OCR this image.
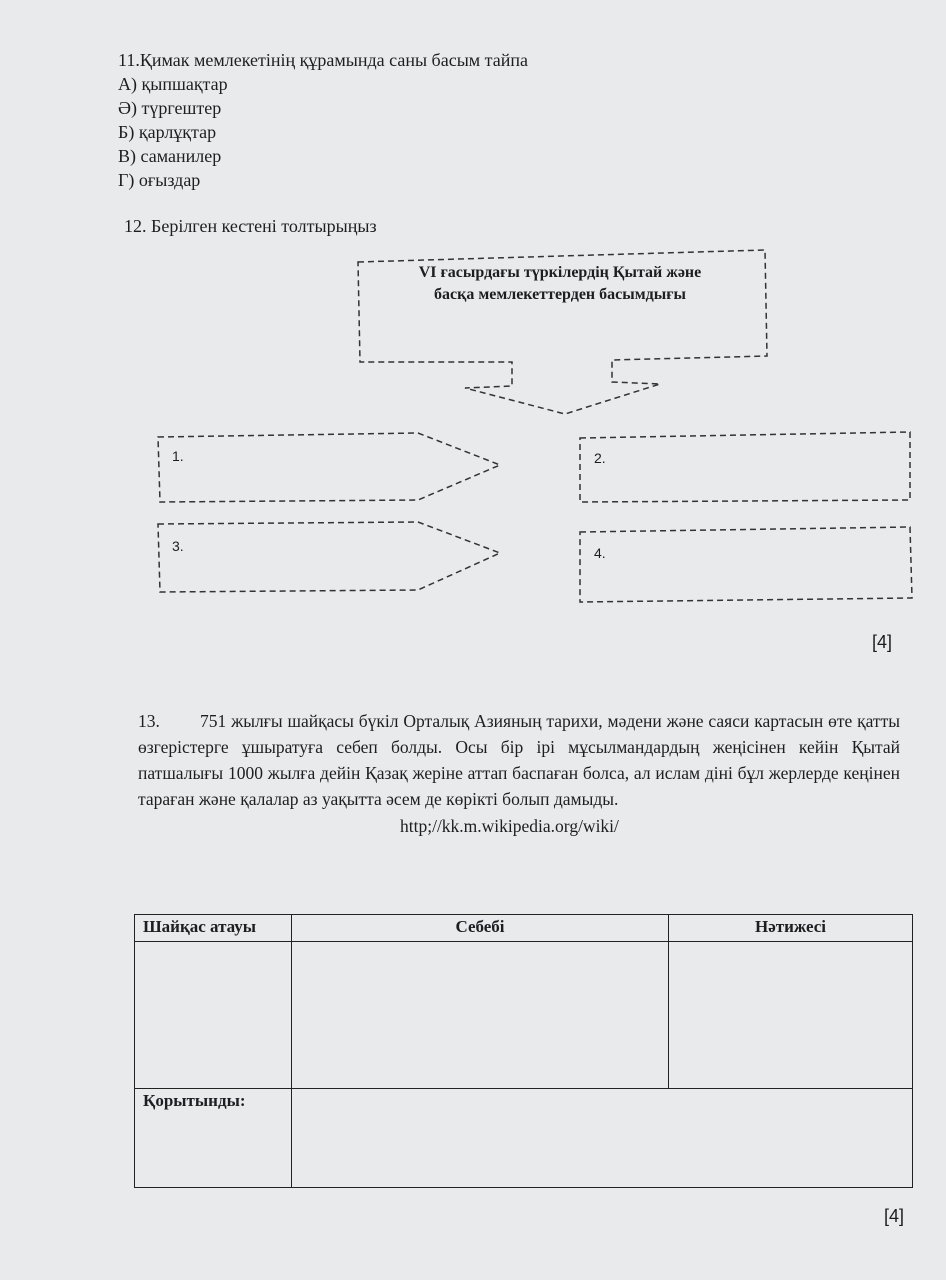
11.Қимак мемлекетінің құрамында саны басым тайпа
А) қыпшақтар
Ә) түргештер
Б) қарлұқтар
В) саманилер
Г) оғыздар
12. Берілген кестені толтырыңыз
VI ғасырдағы түркілердің Қытай және
басқа мемлекеттерден басымдығы
1.	2.
3.	4.
[4]
13. 751 жылғы шайқасы бүкіл Орталық Азияның тарихи, мәдени және саяси картасын өте қатты өзгерістерге ұшыратуға себеп болды. Осы бір ірі мұсылмандардың жеңісінен кейін Қытай патшалығы 1000 жылға дейін Қазақ жеріне аттап баспаған болса, ал ислам діні бұл жерлерде кеңінен тараған және қалалар аз уақытта әсем де көрікті болып дамыды.
http;//kk.m.wikipedia.org/wiki/
Шайқас атауы	Себебі	Нәтижесі

Қорытынды:		
[4]
